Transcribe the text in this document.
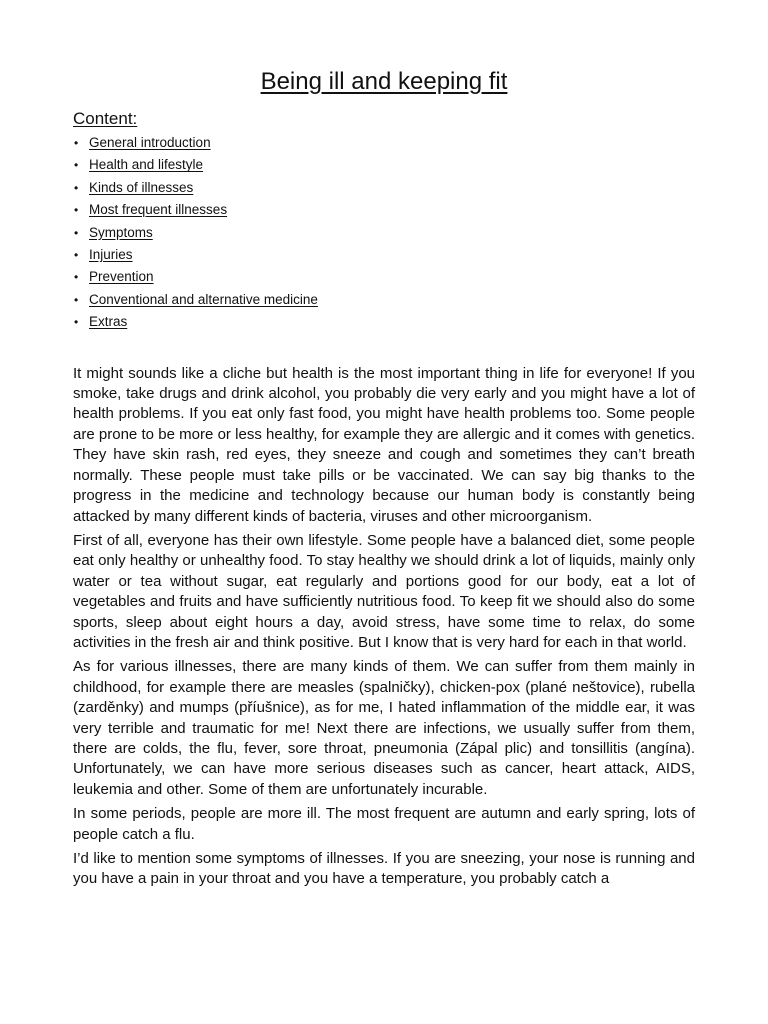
Being ill and keeping fit
Content:
• General introduction
• Health and lifestyle
• Kinds of illnesses
• Most frequent illnesses
• Symptoms
• Injuries
• Prevention
• Conventional and alternative medicine
• Extras

It might sounds like a cliche but health is the most important thing in life for everyone! If you smoke, take drugs and drink alcohol, you probably die very early and you might have a lot of health problems. If you eat only fast food, you might have health problems too. Some people are prone to be more or less healthy, for example they are allergic and it comes with genetics. They have skin rash, red eyes, they sneeze and cough and sometimes they can’t breath normally. These people must take pills or be vaccinated. We can say big thanks to the progress in the medicine and technology because our human body is constantly being attacked by many different kinds of bacteria, viruses and other microorganism.

First of all, everyone has their own lifestyle. Some people have a balanced diet, some people eat only healthy or unhealthy food. To stay healthy we should drink a lot of liquids, mainly only water or tea without sugar, eat regularly and portions good for our body, eat a lot of vegetables and fruits and have sufficiently nutritious food. To keep fit we should also do some sports, sleep about eight hours a day, avoid stress, have some time to relax, do some activities in the fresh air and think positive. But I know that is very hard for each in that world.

As for various illnesses, there are many kinds of them. We can suffer from them mainly in childhood, for example there are measles (spalničky), chicken-pox (plané neštovice), rubella (zarděnky) and mumps (příušnice), as for me, I hated inflammation of the middle ear, it was very terrible and traumatic for me! Next there are infections, we usually suffer from them, there are colds, the flu, fever, sore throat, pneumonia (Zápal plic) and tonsillitis (angína). Unfortunately, we can have more serious diseases such as cancer, heart attack, AIDS, leukemia and other. Some of them are unfortunately incurable.

In some periods, people are more ill. The most frequent are autumn and early spring, lots of people catch a flu.

I’d like to mention some symptoms of illnesses. If you are sneezing, your nose is running and you have a pain in your throat and you have a temperature, you probably catch a
